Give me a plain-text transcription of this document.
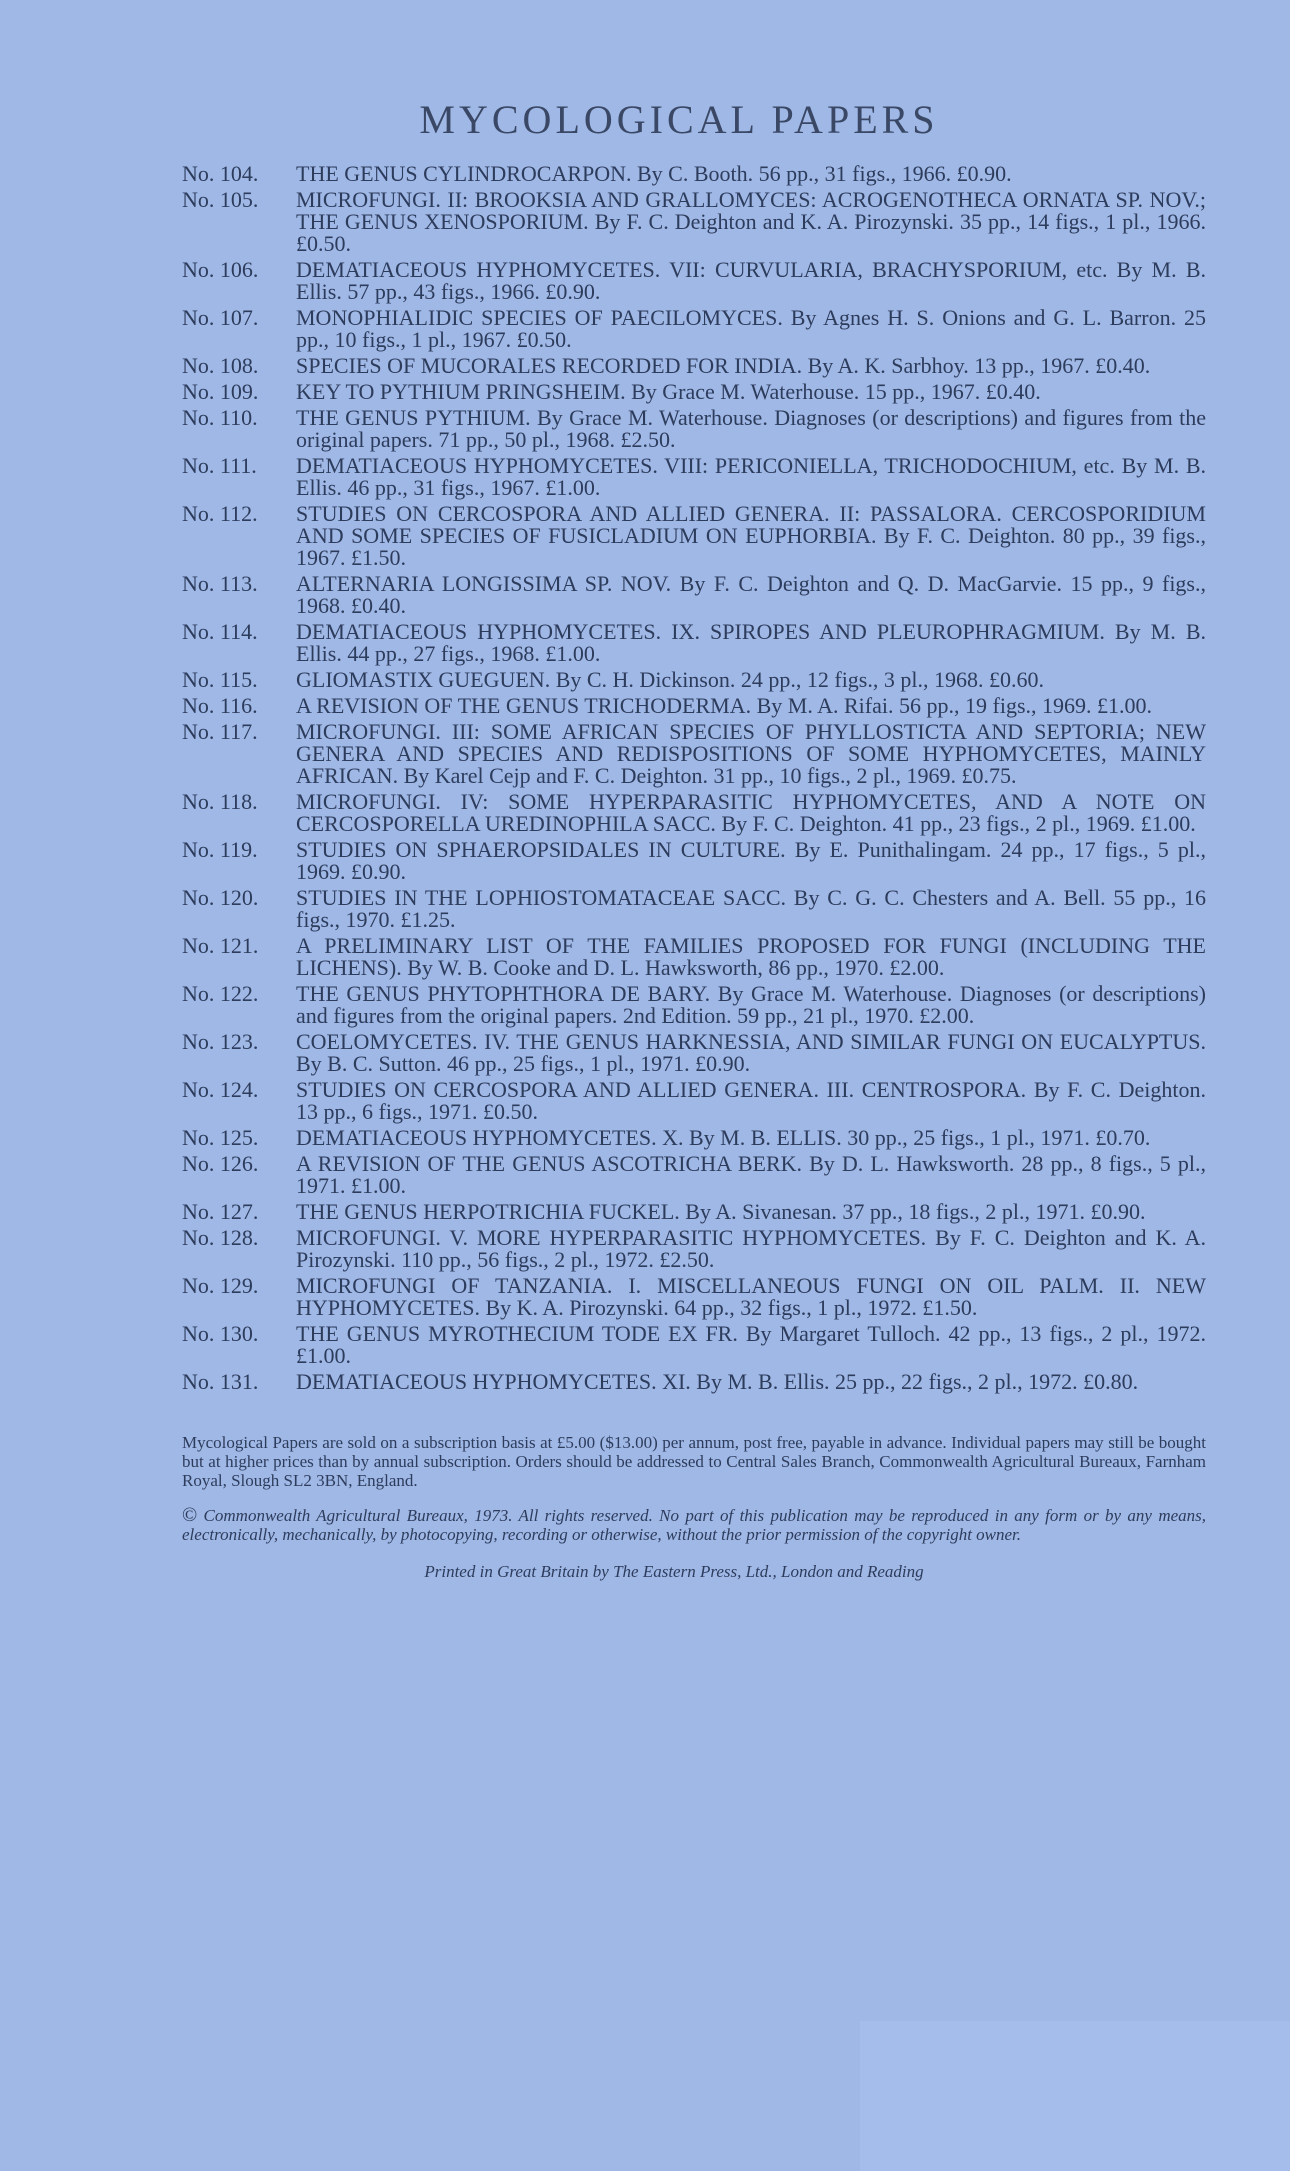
MYCOLOGICAL PAPERS
No. 104.	THE GENUS CYLINDROCARPON. By C. Booth. 56 pp., 31 figs., 1966. £0.90.
No. 105.	MICROFUNGI. II: BROOKSIA AND GRALLOMYCES: ACROGENOTHECA ORNATA SP. NOV.; THE GENUS XENOSPORIUM. By F. C. Deighton and K. A. Pirozynski. 35 pp., 14 figs., 1 pl., 1966. £0.50.
No. 106.	DEMATIACEOUS HYPHOMYCETES. VII: CURVULARIA, BRACHYSPORIUM, etc. By M. B. Ellis. 57 pp., 43 figs., 1966. £0.90.
No. 107.	MONOPHIALIDIC SPECIES OF PAECILOMYCES. By Agnes H. S. Onions and G. L. Barron. 25 pp., 10 figs., 1 pl., 1967. £0.50.
No. 108.	SPECIES OF MUCORALES RECORDED FOR INDIA. By A. K. Sarbhoy. 13 pp., 1967. £0.40.
No. 109.	KEY TO PYTHIUM PRINGSHEIM. By Grace M. Waterhouse. 15 pp., 1967. £0.40.
No. 110.	THE GENUS PYTHIUM. By Grace M. Waterhouse. Diagnoses (or descriptions) and figures from the original papers. 71 pp., 50 pl., 1968. £2.50.
No. 111.	DEMATIACEOUS HYPHOMYCETES. VIII: PERICONIELLA, TRICHODOCHIUM, etc. By M. B. Ellis. 46 pp., 31 figs., 1967. £1.00.
No. 112.	STUDIES ON CERCOSPORA AND ALLIED GENERA. II: PASSALORA. CERCOSPORIDIUM AND SOME SPECIES OF FUSICLADIUM ON EUPHORBIA. By F. C. Deighton. 80 pp., 39 figs., 1967. £1.50.
No. 113.	ALTERNARIA LONGISSIMA SP. NOV. By F. C. Deighton and Q. D. MacGarvie. 15 pp., 9 figs., 1968. £0.40.
No. 114.	DEMATIACEOUS HYPHOMYCETES. IX. SPIROPES AND PLEUROPHRAGMIUM. By M. B. Ellis. 44 pp., 27 figs., 1968. £1.00.
No. 115.	GLIOMASTIX GUEGUEN. By C. H. Dickinson. 24 pp., 12 figs., 3 pl., 1968. £0.60.
No. 116.	A REVISION OF THE GENUS TRICHODERMA. By M. A. Rifai. 56 pp., 19 figs., 1969. £1.00.
No. 117.	MICROFUNGI. III: SOME AFRICAN SPECIES OF PHYLLOSTICTA AND SEPTORIA; NEW GENERA AND SPECIES AND REDISPOSITIONS OF SOME HYPHOMYCETES, MAINLY AFRICAN. By Karel Cejp and F. C. Deighton. 31 pp., 10 figs., 2 pl., 1969. £0.75.
No. 118.	MICROFUNGI. IV: SOME HYPERPARASITIC HYPHOMYCETES, AND A NOTE ON CERCOSPORELLA UREDINOPHILA SACC. By F. C. Deighton. 41 pp., 23 figs., 2 pl., 1969. £1.00.
No. 119.	STUDIES ON SPHAEROPSIDALES IN CULTURE. By E. Punithalingam. 24 pp., 17 figs., 5 pl., 1969. £0.90.
No. 120.	STUDIES IN THE LOPHIOSTOMATACEAE SACC. By C. G. C. Chesters and A. Bell. 55 pp., 16 figs., 1970. £1.25.
No. 121.	A PRELIMINARY LIST OF THE FAMILIES PROPOSED FOR FUNGI (INCLUDING THE LICHENS). By W. B. Cooke and D. L. Hawksworth, 86 pp., 1970. £2.00.
No. 122.	THE GENUS PHYTOPHTHORA DE BARY. By Grace M. Waterhouse. Diagnoses (or descriptions) and figures from the original papers. 2nd Edition. 59 pp., 21 pl., 1970. £2.00.
No. 123.	COELOMYCETES. IV. THE GENUS HARKNESSIA, AND SIMILAR FUNGI ON EUCALYPTUS. By B. C. Sutton. 46 pp., 25 figs., 1 pl., 1971. £0.90.
No. 124.	STUDIES ON CERCOSPORA AND ALLIED GENERA. III. CENTROSPORA. By F. C. Deighton. 13 pp., 6 figs., 1971. £0.50.
No. 125.	DEMATIACEOUS HYPHOMYCETES. X. By M. B. ELLIS. 30 pp., 25 figs., 1 pl., 1971. £0.70.
No. 126.	A REVISION OF THE GENUS ASCOTRICHA BERK. By D. L. Hawksworth. 28 pp., 8 figs., 5 pl., 1971. £1.00.
No. 127.	THE GENUS HERPOTRICHIA FUCKEL. By A. Sivanesan. 37 pp., 18 figs., 2 pl., 1971. £0.90.
No. 128.	MICROFUNGI. V. MORE HYPERPARASITIC HYPHOMYCETES. By F. C. Deighton and K. A. Pirozynski. 110 pp., 56 figs., 2 pl., 1972. £2.50.
No. 129.	MICROFUNGI OF TANZANIA. I. MISCELLANEOUS FUNGI ON OIL PALM. II. NEW HYPHOMYCETES. By K. A. Pirozynski. 64 pp., 32 figs., 1 pl., 1972. £1.50.
No. 130.	THE GENUS MYROTHECIUM TODE EX FR. By Margaret Tulloch. 42 pp., 13 figs., 2 pl., 1972. £1.00.
No. 131.	DEMATIACEOUS HYPHOMYCETES. XI. By M. B. Ellis. 25 pp., 22 figs., 2 pl., 1972. £0.80.
Mycological Papers are sold on a subscription basis at £5.00 ($13.00) per annum, post free, payable in advance. Individual papers may still be bought but at higher prices than by annual subscription. Orders should be addressed to Central Sales Branch, Commonwealth Agricultural Bureaux, Farnham Royal, Slough SL2 3BN, England.
© Commonwealth Agricultural Bureaux, 1973. All rights reserved. No part of this publication may be reproduced in any form or by any means, electronically, mechanically, by photocopying, recording or otherwise, without the prior permission of the copyright owner.
Printed in Great Britain by The Eastern Press, Ltd., London and Reading
